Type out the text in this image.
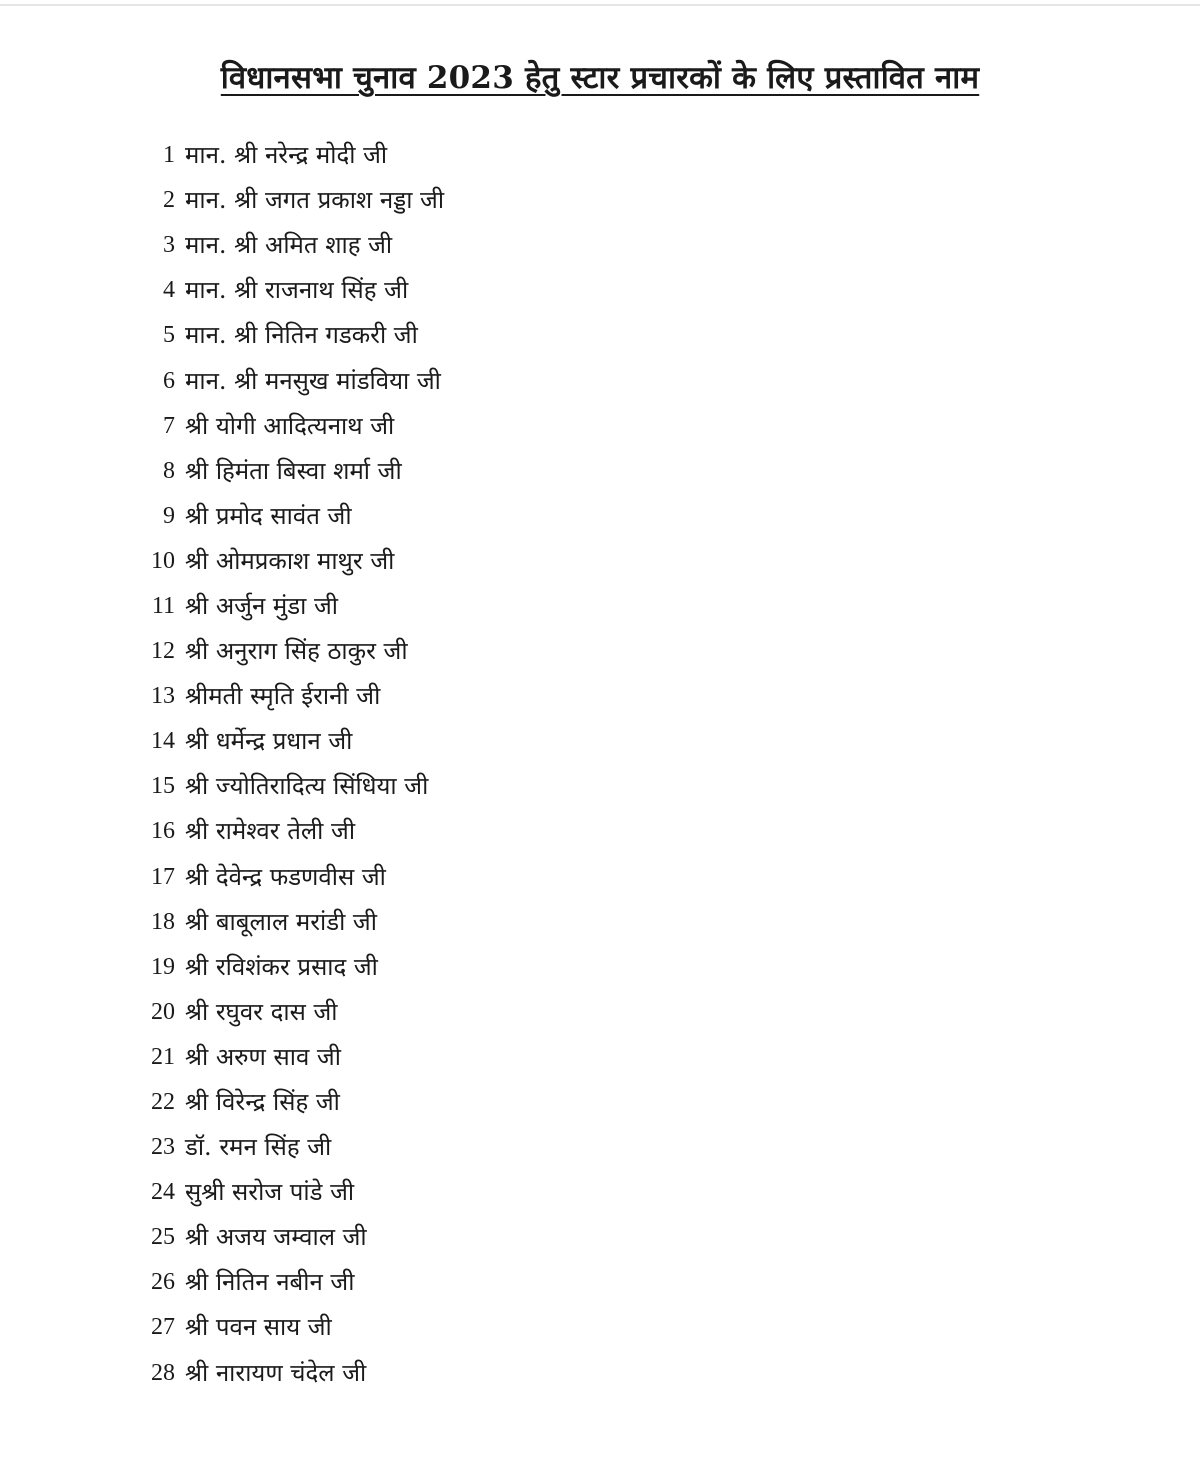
विधानसभा चुनाव 2023 हेतु स्टार प्रचारकों के लिए प्रस्तावित नाम
1 मान. श्री नरेन्द्र मोदी जी
2 मान. श्री जगत प्रकाश नड्डा जी
3 मान. श्री अमित शाह जी
4 मान. श्री राजनाथ सिंह जी
5 मान. श्री नितिन गडकरी जी
6 मान. श्री मनसुख मांडविया जी
7 श्री योगी आदित्यनाथ जी
8 श्री हिमंता बिस्वा शर्मा जी
9 श्री प्रमोद सावंत जी
10 श्री ओमप्रकाश माथुर जी
11 श्री अर्जुन मुंडा जी
12 श्री अनुराग सिंह ठाकुर जी
13 श्रीमती स्मृति ईरानी जी
14 श्री धर्मेन्द्र प्रधान जी
15 श्री ज्योतिरादित्य सिंधिया जी
16 श्री रामेश्वर तेली जी
17 श्री देवेन्द्र फडणवीस जी
18 श्री बाबूलाल मरांडी जी
19 श्री रविशंकर प्रसाद जी
20 श्री रघुवर दास जी
21 श्री अरुण साव जी
22 श्री विरेन्द्र सिंह जी
23 डॉ. रमन सिंह जी
24 सुश्री सरोज पांडे जी
25 श्री अजय जम्वाल जी
26 श्री नितिन नबीन जी
27 श्री पवन साय जी
28 श्री नारायण चंदेल जी
